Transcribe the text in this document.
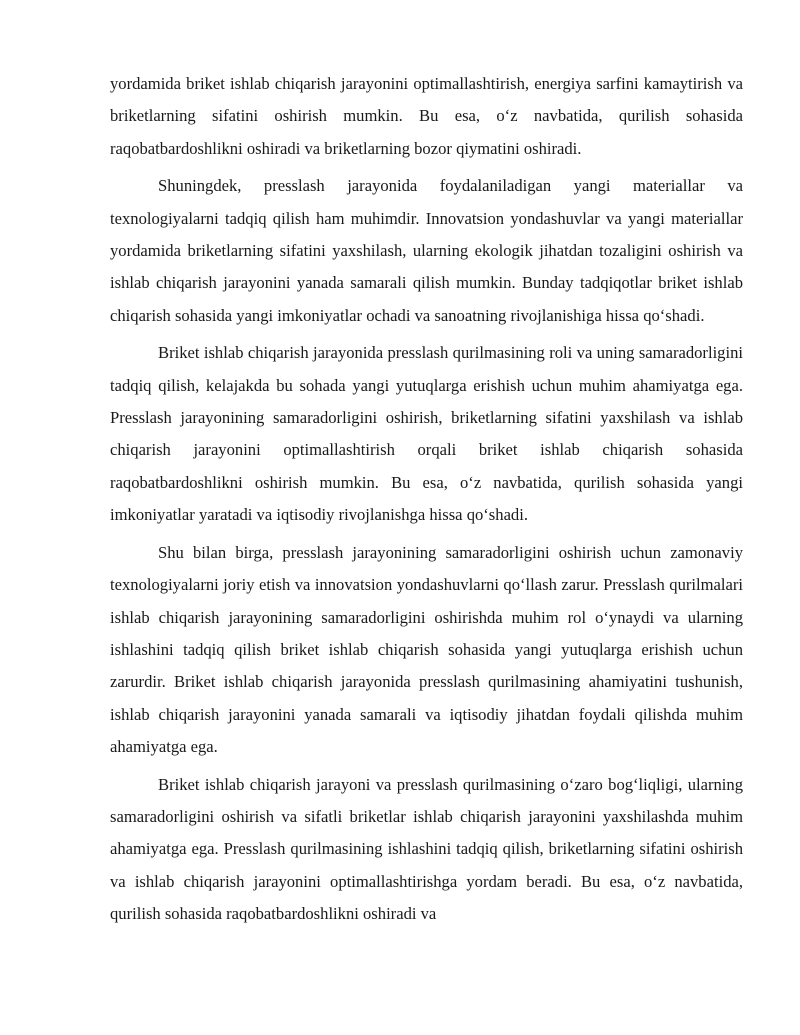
yordamida briket ishlab chiqarish jarayonini optimallashtirish, energiya sarfini kamaytirish va briketlarning sifatini oshirish mumkin. Bu esa, o‘z navbatida, qurilish sohasida raqobatbardoshlikni oshiradi va briketlarning bozor qiymatini oshiradi.

Shuningdek, presslash jarayonida foydalaniladigan yangi materiallar va texnologiyalarni tadqiq qilish ham muhimdir. Innovatsion yondashuvlar va yangi materiallar yordamida briketlarning sifatini yaxshilash, ularning ekologik jihatdan tozaligini oshirish va ishlab chiqarish jarayonini yanada samarali qilish mumkin. Bunday tadqiqotlar briket ishlab chiqarish sohasida yangi imkoniyatlar ochadi va sanoatning rivojlanishiga hissa qo‘shadi.

Briket ishlab chiqarish jarayonida presslash qurilmasining roli va uning samaradorligini tadqiq qilish, kelajakda bu sohada yangi yutuqlarga erishish uchun muhim ahamiyatga ega. Presslash jarayonining samaradorligini oshirish, briketlarning sifatini yaxshilash va ishlab chiqarish jarayonini optimallashtirish orqali briket ishlab chiqarish sohasida raqobatbardoshlikni oshirish mumkin. Bu esa, o‘z navbatida, qurilish sohasida yangi imkoniyatlar yaratadi va iqtisodiy rivojlanishga hissa qo‘shadi.

Shu bilan birga, presslash jarayonining samaradorligini oshirish uchun zamonaviy texnologiyalarni joriy etish va innovatsion yondashuvlarni qo‘llash zarur. Presslash qurilmalari ishlab chiqarish jarayonining samaradorligini oshirishda muhim rol o‘ynaydi va ularning ishlashini tadqiq qilish briket ishlab chiqarish sohasida yangi yutuqlarga erishish uchun zarurdir. Briket ishlab chiqarish jarayonida presslash qurilmasining ahamiyatini tushunish, ishlab chiqarish jarayonini yanada samarali va iqtisodiy jihatdan foydali qilishda muhim ahamiyatga ega.

Briket ishlab chiqarish jarayoni va presslash qurilmasining o‘zaro bog‘liqligi, ularning samaradorligini oshirish va sifatli briketlar ishlab chiqarish jarayonini yaxshilashda muhim ahamiyatga ega. Presslash qurilmasining ishlashini tadqiq qilish, briketlarning sifatini oshirish va ishlab chiqarish jarayonini optimallashtirishga yordam beradi. Bu esa, o‘z navbatida, qurilish sohasida raqobatbardoshlikni oshiradi va
